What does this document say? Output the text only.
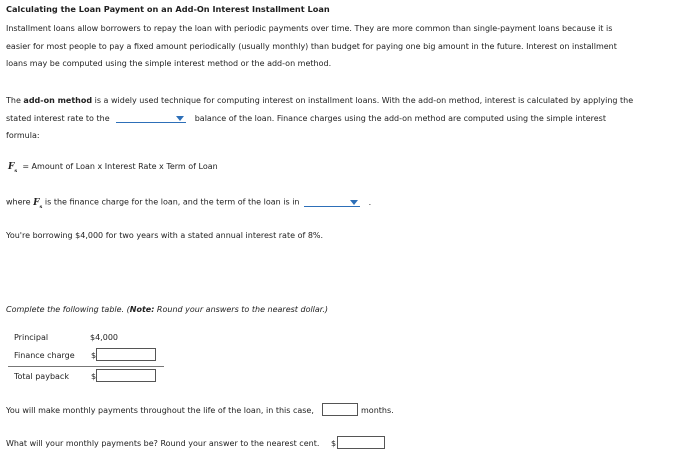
Calculating the Loan Payment on an Add-On Interest Installment Loan
Installment loans allow borrowers to repay the loan with periodic payments over time. They are more common than single-payment loans because it is
easier for most people to pay a fixed amount periodically (usually monthly) than budget for paying one big amount in the future. Interest on installment
loans may be computed using the simple interest method or the add-on method.
The add-on method is a widely used technique for computing interest on installment loans. With the add-on method, interest is calculated by applying the
stated interest rate to the	balance of the loan. Finance charges using the add-on method are computed using the simple interest
formula:
$F_s$ = Amount of Loan x Interest Rate x Term of Loan
where $F_s$ is the finance charge for the loan, and the term of the loan is in	.
You're borrowing $4,000 for two years with a stated annual interest rate of 8%.
Complete the following table. (Note: Round your answers to the nearest dollar.)
Principal	$4,000
Finance charge $
Total payback	$
You will make monthly payments throughout the life of the loan, in this case,	months.
What will your monthly payments be? Round your answer to the nearest cent. $
